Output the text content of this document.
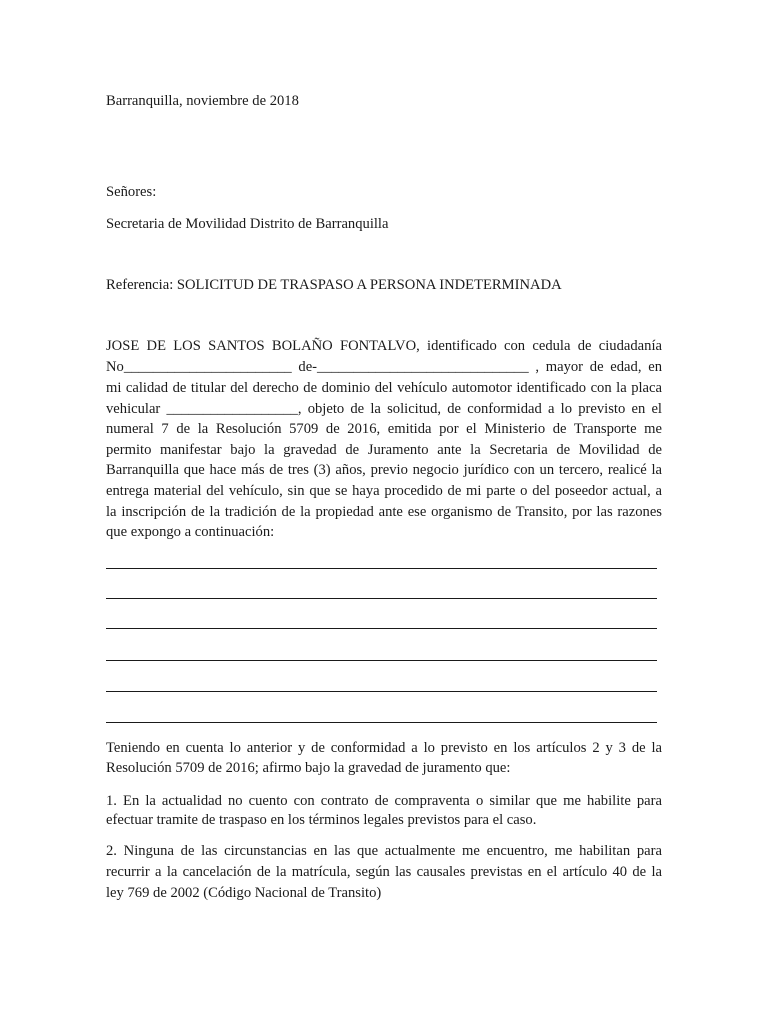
Barranquilla, noviembre de 2018
Señores:
Secretaria de Movilidad Distrito de Barranquilla
Referencia: SOLICITUD DE TRASPASO A PERSONA INDETERMINADA
JOSE DE LOS SANTOS BOLAÑO FONTALVO, identificado con cedula de ciudadanía
No_______________________ de-_____________________________ , mayor de edad, en
mi calidad de titular del derecho de dominio del vehículo automotor identificado con la placa
vehicular __________________, objeto de la solicitud, de conformidad a lo previsto en el
numeral 7 de la Resolución 5709 de 2016, emitida por el Ministerio de Transporte me
permito manifestar bajo la gravedad de Juramento ante la Secretaria de Movilidad de
Barranquilla que hace más de tres (3) años, previo negocio jurídico con un tercero, realicé la
entrega material del vehículo, sin que se haya procedido de mi parte o del poseedor actual, a
la inscripción de la tradición de la propiedad ante ese organismo de Transito, por las razones
que expongo a continuación:
Teniendo en cuenta lo anterior y de conformidad a lo previsto en los artículos 2 y 3 de la
Resolución 5709 de 2016; afirmo bajo la gravedad de juramento que:
1. En la actualidad no cuento con contrato de compraventa o similar que me habilite para
efectuar tramite de traspaso en los términos legales previstos para el caso.
2. Ninguna de las circunstancias en las que actualmente me encuentro, me habilitan para
recurrir a la cancelación de la matrícula, según las causales previstas en el artículo 40 de la
ley 769 de 2002 (Código Nacional de Transito)
